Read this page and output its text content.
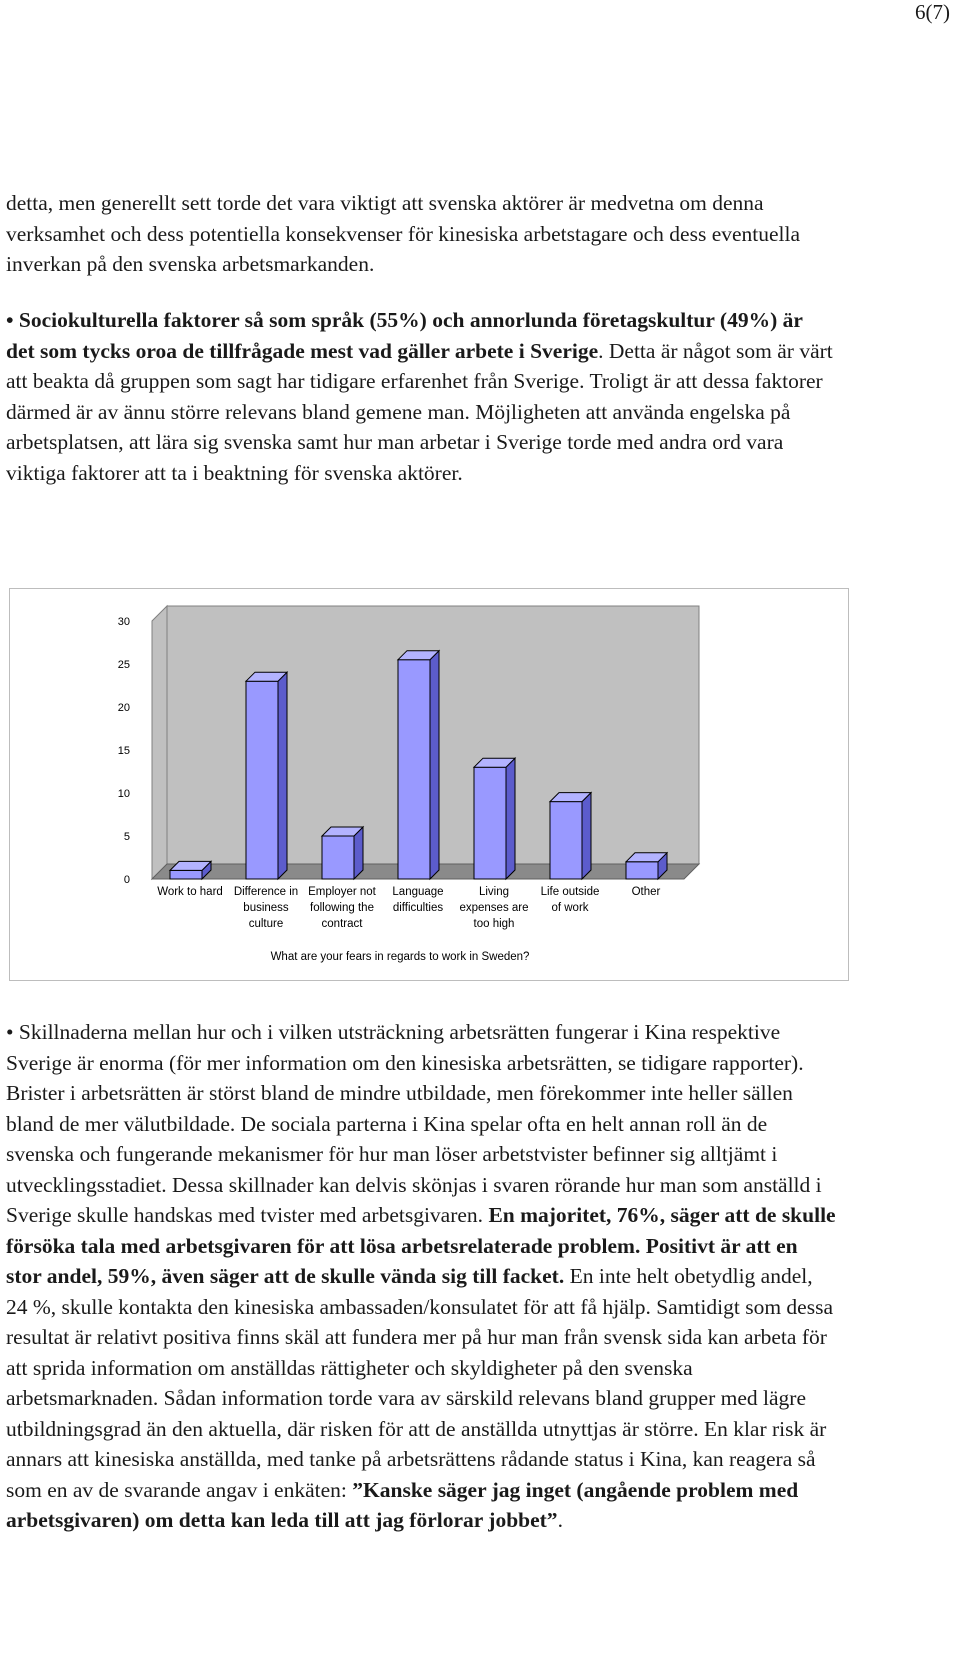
6(7)

detta, men generellt sett torde det vara viktigt att svenska aktörer är medvetna om denna verksamhet och dess potentiella konsekvenser för kinesiska arbetstagare och dess eventuella inverkan på den svenska arbetsmarkanden.

• Sociokulturella faktorer så som språk (55%) och annorlunda företagskultur (49%) är det som tycks oroa de tillfrågade mest vad gäller arbete i Sverige. Detta är något som är värt att beakta då gruppen som sagt har tidigare erfarenhet från Sverige. Troligt är att dessa faktorer därmed är av ännu större relevans bland gemene man. Möjligheten att använda engelska på arbetsplatsen, att lära sig svenska samt hur man arbetar i Sverige torde med andra ord vara viktiga faktorer att ta i beaktning för svenska aktörer.

0
5
10
15
20
25
30
Work to hard Difference in
business
culture
Employer not
following the
contract
Language
difficulties
Living
expenses are
too high
Life outside
of work
Other
What are your fears in regards to work in Sweden?

• Skillnaderna mellan hur och i vilken utsträckning arbetsrätten fungerar i Kina respektive Sverige är enorma (för mer information om den kinesiska arbetsrätten, se tidigare rapporter). Brister i arbetsrätten är störst bland de mindre utbildade, men förekommer inte heller sällen bland de mer välutbildade. De sociala parterna i Kina spelar ofta en helt annan roll än de svenska och fungerande mekanismer för hur man löser arbetstvister befinner sig alltjämt i utvecklingsstadiet. Dessa skillnader kan delvis skönjas i svaren rörande hur man som anställd i Sverige skulle handskas med tvister med arbetsgivaren. En majoritet, 76%, säger att de skulle försöka tala med arbetsgivaren för att lösa arbetsrelaterade problem. Positivt är att en stor andel, 59%, även säger att de skulle vända sig till facket. En inte helt obetydlig andel, 24 %, skulle kontakta den kinesiska ambassaden/konsulatet för att få hjälp. Samtidigt som dessa resultat är relativt positiva finns skäl att fundera mer på hur man från svensk sida kan arbeta för att sprida information om anställdas rättigheter och skyldigheter på den svenska arbetsmarknaden. Sådan information torde vara av särskild relevans bland grupper med lägre utbildningsgrad än den aktuella, där risken för att de anställda utnyttjas är större. En klar risk är annars att kinesiska anställda, med tanke på arbetsrättens rådande status i Kina, kan reagera så som en av de svarande angav i enkäten: ”Kanske säger jag inget (angående problem med arbetsgivaren) om detta kan leda till att jag förlorar jobbet”.
